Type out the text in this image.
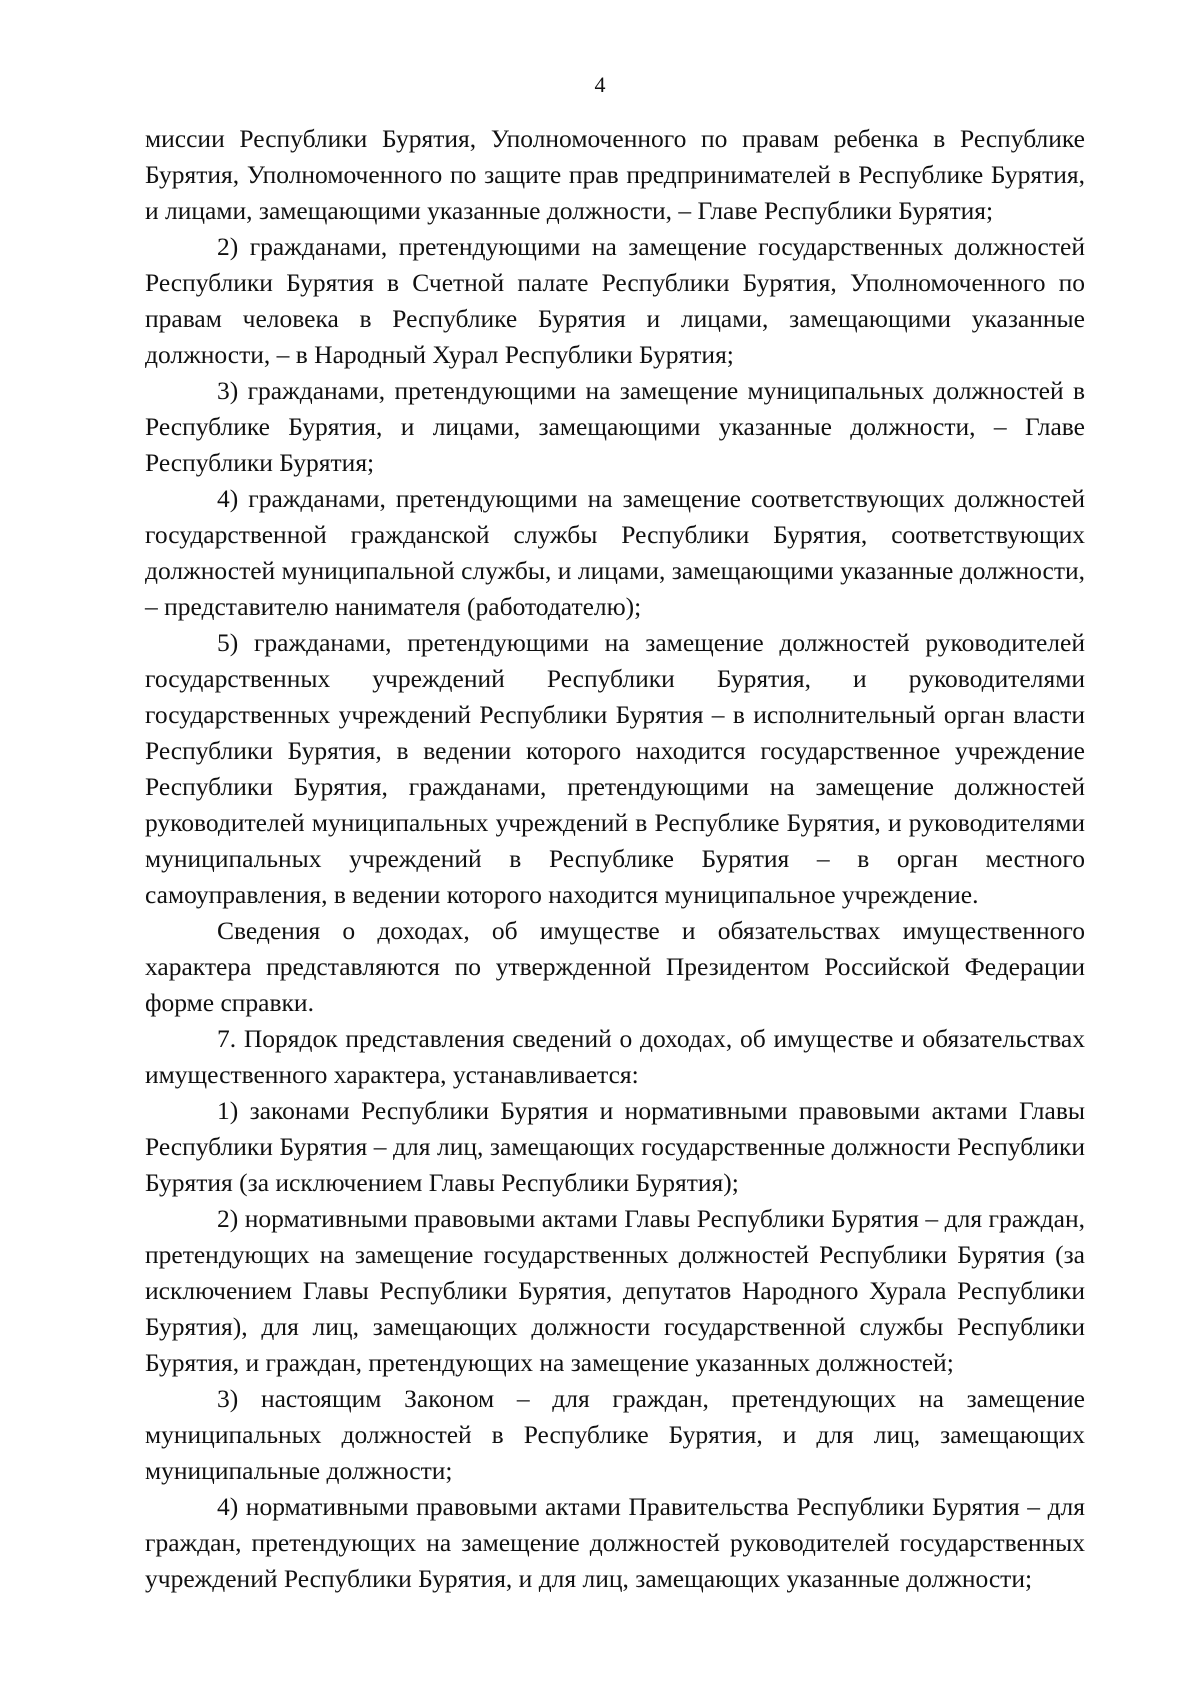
4

миссии Республики Бурятия, Уполномоченного по правам ребенка в Республике Бурятия, Уполномоченного по защите прав предпринимателей в Республике Бурятия, и лицами, замещающими указанные должности, – Главе Республики Бурятия;

2) гражданами, претендующими на замещение государственных должностей Республики Бурятия в Счетной палате Республики Бурятия, Уполномоченного по правам человека в Республике Бурятия и лицами, замещающими указанные должности, – в Народный Хурал Республики Бурятия;

3) гражданами, претендующими на замещение муниципальных должностей в Республике Бурятия, и лицами, замещающими указанные должности, – Главе Республики Бурятия;

4) гражданами, претендующими на замещение соответствующих должностей государственной гражданской службы Республики Бурятия, соответствующих должностей муниципальной службы, и лицами, замещающими указанные должности, – представителю нанимателя (работодателю);

5) гражданами, претендующими на замещение должностей руководителей государственных учреждений Республики Бурятия, и руководителями государственных учреждений Республики Бурятия – в исполнительный орган власти Республики Бурятия, в ведении которого находится государственное учреждение Республики Бурятия, гражданами, претендующими на замещение должностей руководителей муниципальных учреждений в Республике Бурятия, и руководителями муниципальных учреждений в Республике Бурятия – в орган местного самоуправления, в ведении которого находится муниципальное учреждение.

Сведения о доходах, об имуществе и обязательствах имущественного характера представляются по утвержденной Президентом Российской Федерации форме справки.

7. Порядок представления сведений о доходах, об имуществе и обязательствах имущественного характера, устанавливается:

1) законами Республики Бурятия и нормативными правовыми актами Главы Республики Бурятия – для лиц, замещающих государственные должности Республики Бурятия (за исключением Главы Республики Бурятия);

2) нормативными правовыми актами Главы Республики Бурятия – для граждан, претендующих на замещение государственных должностей Республики Бурятия (за исключением Главы Республики Бурятия, депутатов Народного Хурала Республики Бурятия), для лиц, замещающих должности государственной службы Республики Бурятия, и граждан, претендующих на замещение указанных должностей;

3) настоящим Законом – для граждан, претендующих на замещение муниципальных должностей в Республике Бурятия, и для лиц, замещающих муниципальные должности;

4) нормативными правовыми актами Правительства Республики Бурятия – для граждан, претендующих на замещение должностей руководителей государственных учреждений Республики Бурятия, и для лиц, замещающих указанные должности;
